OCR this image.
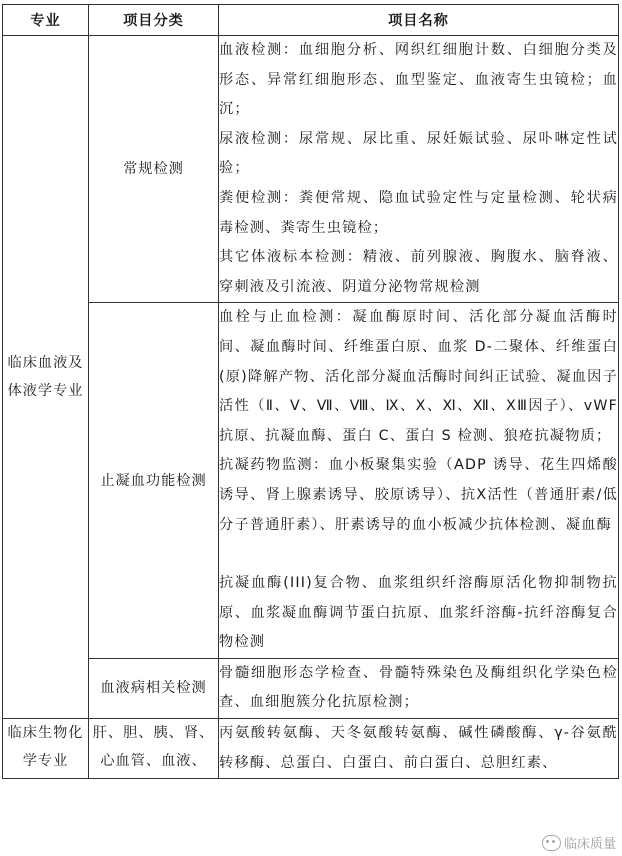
专业	项目分类	项目名称
临床血液及体液学专业	常规检测	血液检测：血细胞分析、网织红细胞计数、白细胞分类及形态、异常红细胞形态、血型鉴定、血液寄生虫镜检；血沉；

尿液检测：尿常规、尿比重、尿妊娠试验、尿卟啉定性试验；

粪便检测：粪便常规、隐血试验定性与定量检测、轮状病毒检测、粪寄生虫镜检；

其它体液标本检测：精液、前列腺液、胸腹水、脑脊液、穿刺液及引流液、阴道分泌物常规检测

	止凝血功能检测	血栓与止血检测：凝血酶原时间、活化部分凝血活酶时间、凝血酶时间、纤维蛋白原、血浆 D-二聚体、纤维蛋白(原)降解产物、活化部分凝血活酶时间纠正试验、凝血因子活性（Ⅱ、Ⅴ、Ⅶ、Ⅷ、Ⅸ、Ⅹ、Ⅺ、Ⅻ、ⅩⅢ因子）、vWF 抗原、抗凝血酶、蛋白 C、蛋白 S 检测、狼疮抗凝物质；

抗凝药物监测：血小板聚集实验（ADP 诱导、花生四烯酸诱导、肾上腺素诱导、胶原诱导）、抗Ⅹ活性（普通肝素/低分子普通肝素）、肝素诱导的血小板减少抗体检测、凝血酶

抗凝血酶(III)复合物、血浆组织纤溶酶原活化物抑制物抗原、血浆凝血酶调节蛋白抗原、血浆纤溶酶-抗纤溶酶复合物检测

	血液病相关检测	骨髓细胞形态学检查、骨髓特殊染色及酶组织化学染色检查、血细胞簇分化抗原检测；

临床生物化学专业	肝、胆、胰、肾、心血管、血液、	丙氨酸转氨酶、天冬氨酸转氨酶、碱性磷酸酶、γ-谷氨酰转移酶、总蛋白、白蛋白、前白蛋白、总胆红素、

临床质量
